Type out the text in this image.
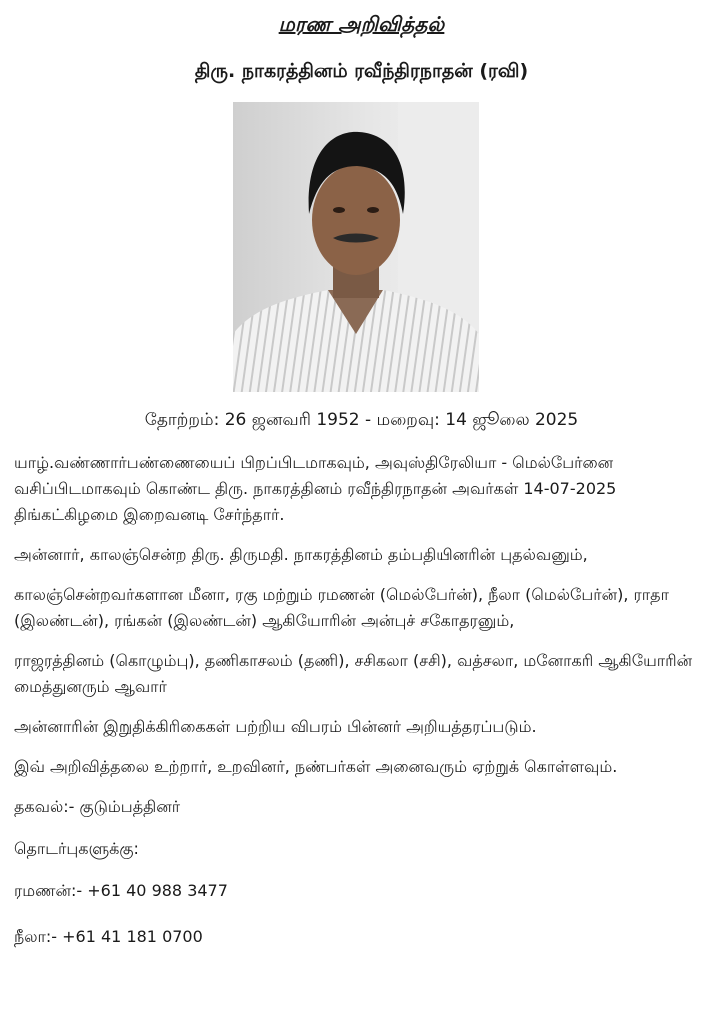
மரண அறிவித்தல்
திரு. நாகரத்தினம் ரவீந்திரநாதன் (ரவி)
தோற்றம்: 26 ஜனவரி 1952 - மறைவு: 14 ஜூலை 2025

யாழ்.வண்ணார்பண்ணையைப் பிறப்பிடமாகவும், அவுஸ்திரேலியா - மெல்பேர்னை வசிப்பிடமாகவும் கொண்ட திரு. நாகரத்தினம் ரவீந்திரநாதன் அவர்கள் 14-07-2025 திங்கட்கிழமை இறைவனடி சேர்ந்தார்.

அன்னார், காலஞ்சென்ற திரு. திருமதி. நாகரத்தினம் தம்பதியினரின் புதல்வனும்,

காலஞ்சென்றவர்களான மீனா, ரகு மற்றும் ரமணன் (மெல்பேர்ன்), நீலா (மெல்பேர்ன்), ராதா (இலண்டன்), ரங்கன் (இலண்டன்) ஆகியோரின் அன்புச் சகோதரனும்,

ராஜரத்தினம் (கொழும்பு), தணிகாசலம் (தணி), சசிகலா (சசி), வத்சலா, மனோகரி ஆகியோரின் மைத்துனரும் ஆவார்

அன்னாரின் இறுதிக்கிரிகைகள் பற்றிய விபரம் பின்னர் அறியத்தரப்படும்.

இவ் அறிவித்தலை உற்றார், உறவினர், நண்பர்கள் அனைவரும் ஏற்றுக் கொள்ளவும்.

தகவல்:- குடும்பத்தினர்

தொடர்புகளுக்கு:

ரமணன்:- +61 40 988 3477

நீலா:- +61 41 181 0700
